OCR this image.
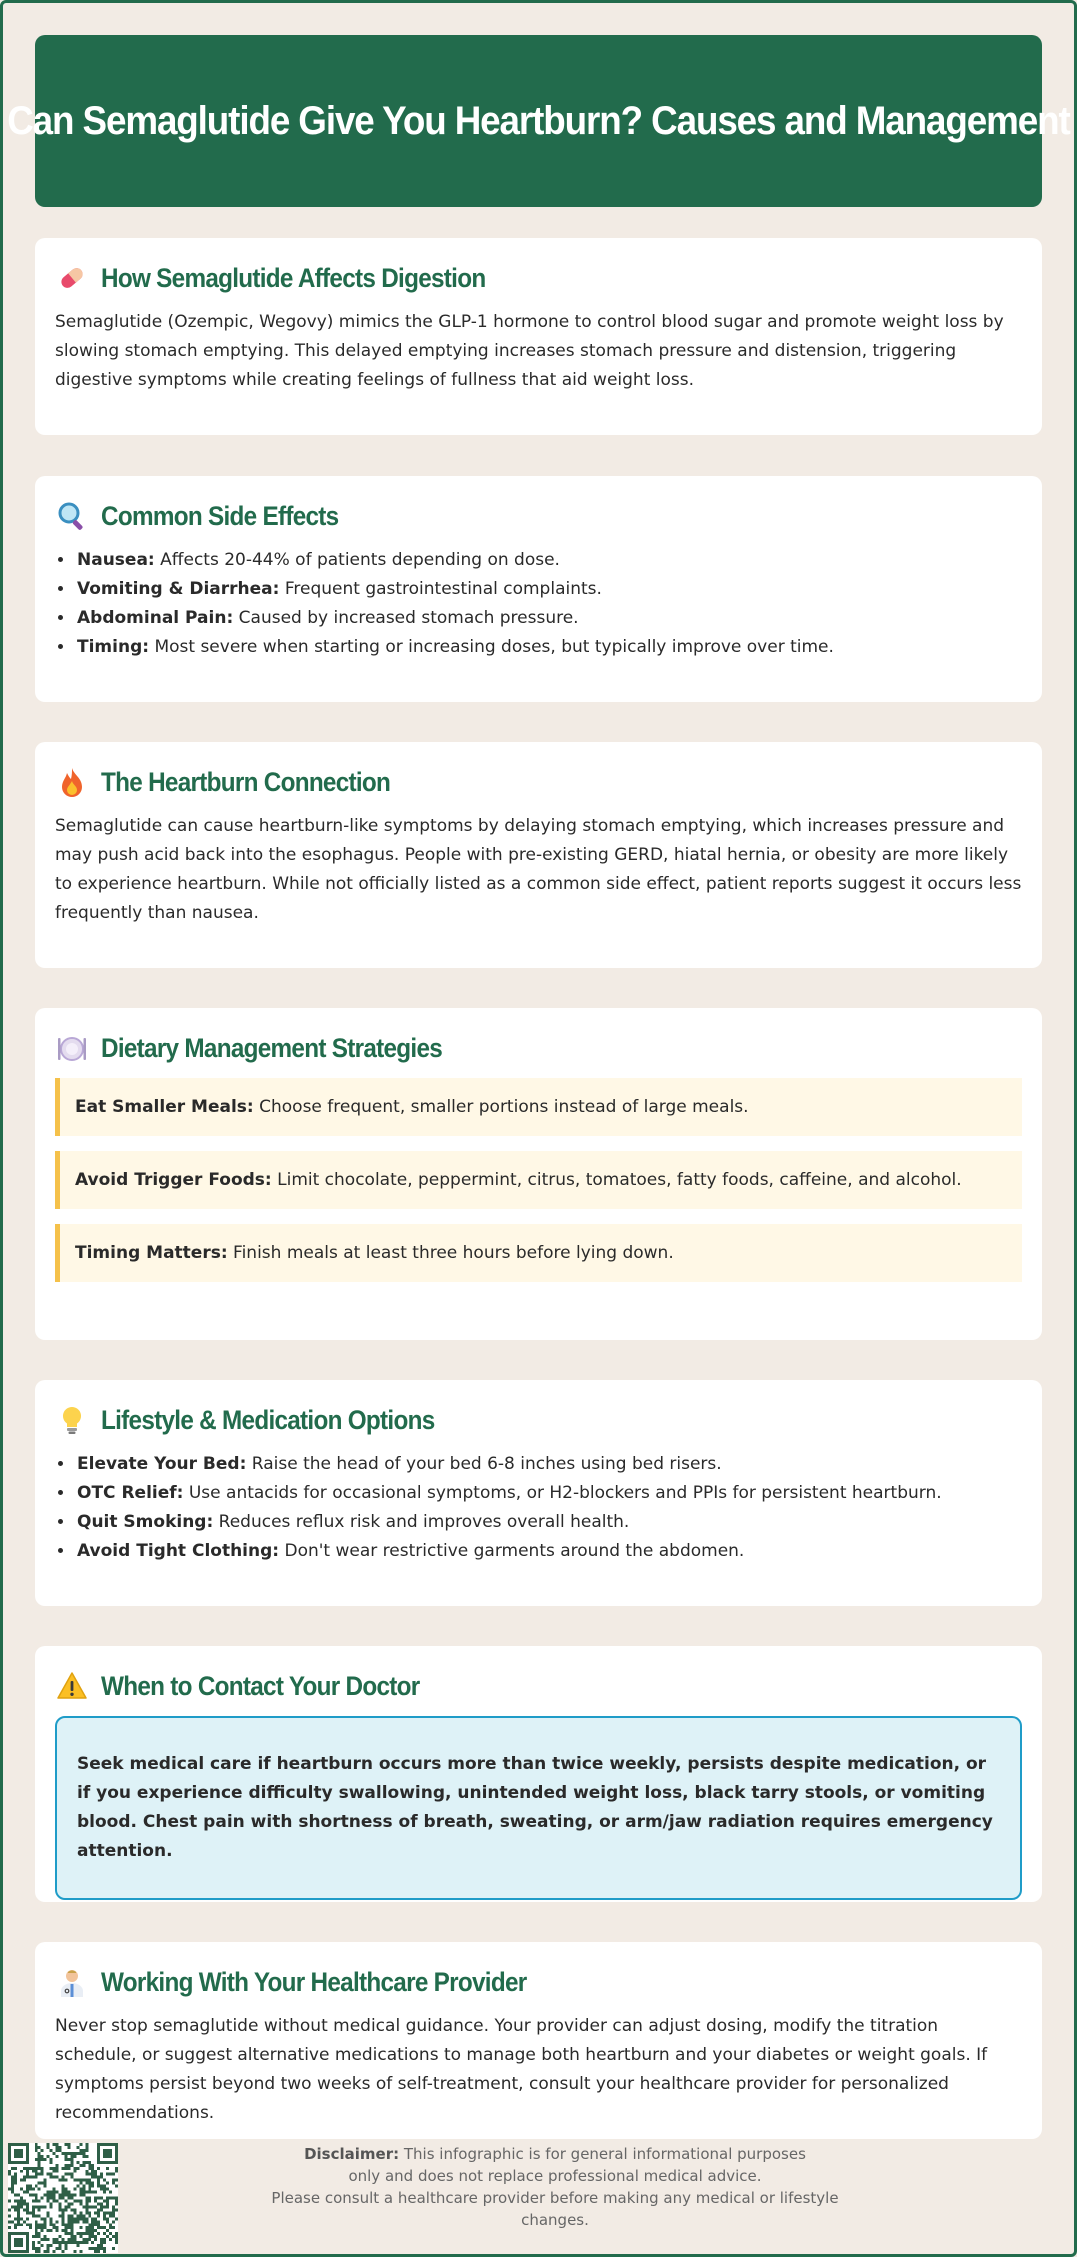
Can Semaglutide Give You Heartburn? Causes and Management
How Semaglutide Affects Digestion

Semaglutide (Ozempic, Wegovy) mimics the GLP-1 hormone to control blood sugar and promote weight loss by slowing stomach emptying. This delayed emptying increases stomach pressure and distension, triggering digestive symptoms while creating feelings of fullness that aid weight loss.

Common Side Effects
• Nausea: Affects 20-44% of patients depending on dose.
• Vomiting & Diarrhea: Frequent gastrointestinal complaints.
• Abdominal Pain: Caused by increased stomach pressure.
• Timing: Most severe when starting or increasing doses, but typically improve over time.
The Heartburn Connection

Semaglutide can cause heartburn-like symptoms by delaying stomach emptying, which increases pressure and may push acid back into the esophagus. People with pre-existing GERD, hiatal hernia, or obesity are more likely to experience heartburn. While not officially listed as a common side effect, patient reports suggest it occurs less frequently than nausea.

Dietary Management Strategies
Eat Smaller Meals: Choose frequent, smaller portions instead of large meals.
Avoid Trigger Foods: Limit chocolate, peppermint, citrus, tomatoes, fatty foods, caffeine, and alcohol.
Timing Matters: Finish meals at least three hours before lying down.
Lifestyle & Medication Options
• Elevate Your Bed: Raise the head of your bed 6-8 inches using bed risers.
• OTC Relief: Use antacids for occasional symptoms, or H2-blockers and PPIs for persistent heartburn.
• Quit Smoking: Reduces reflux risk and improves overall health.
• Avoid Tight Clothing: Don't wear restrictive garments around the abdomen.
When to Contact Your Doctor
Seek medical care if heartburn occurs more than twice weekly, persists despite medication, or if you experience difficulty swallowing, unintended weight loss, black tarry stools, or vomiting blood. Chest pain with shortness of breath, sweating, or arm/jaw radiation requires emergency attention.
Working With Your Healthcare Provider

Never stop semaglutide without medical guidance. Your provider can adjust dosing, modify the titration schedule, or suggest alternative medications to manage both heartburn and your diabetes or weight goals. If symptoms persist beyond two weeks of self-treatment, consult your healthcare provider for personalized recommendations.

Disclaimer: This infographic is for general informational purposes
only and does not replace professional medical advice.
Please consult a healthcare provider before making any medical or lifestyle changes.
